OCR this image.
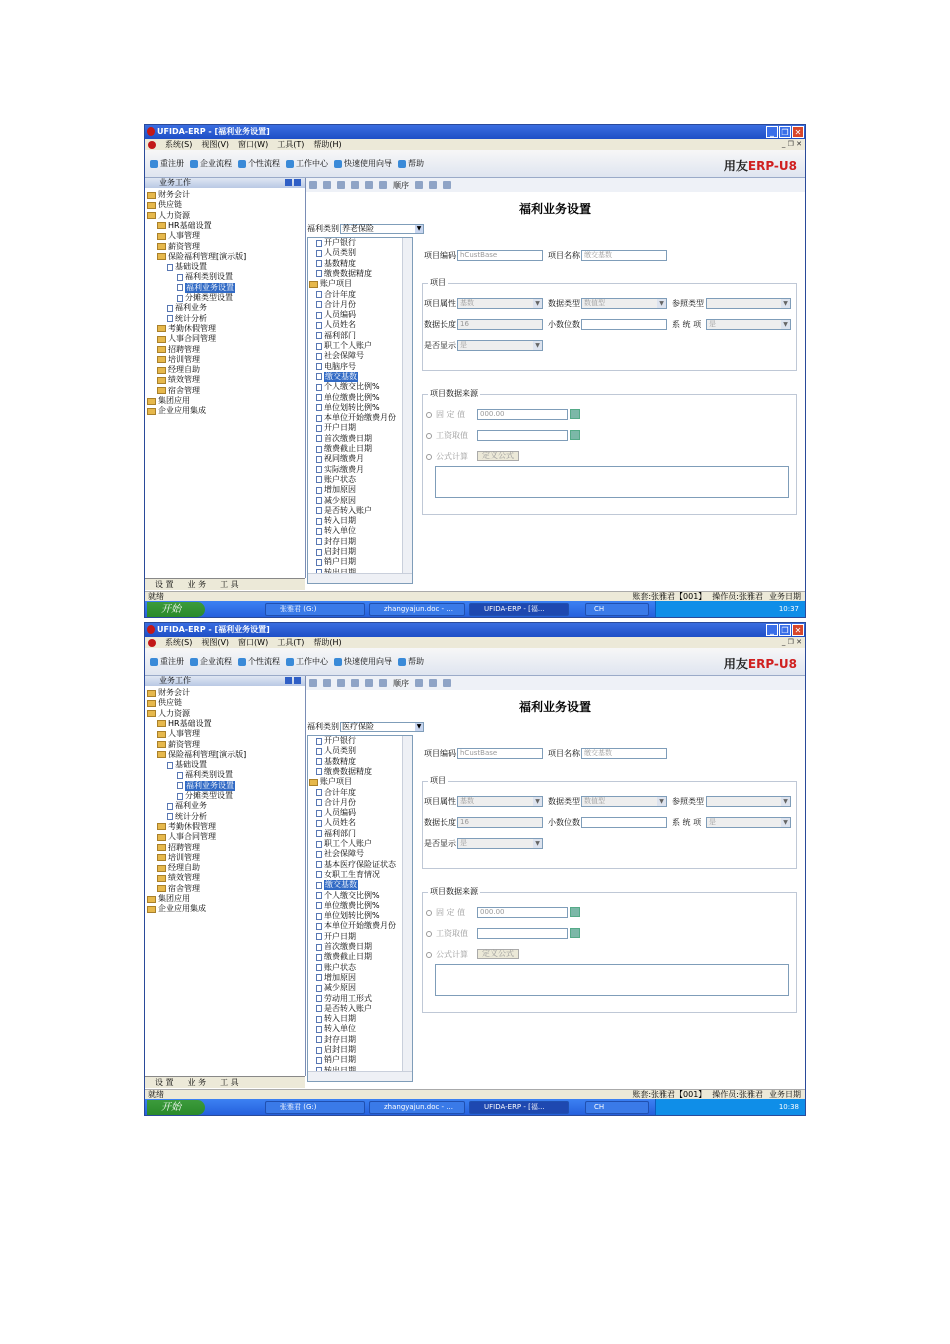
UFIDA-ERP - [福利业务设置]	_ ❐ ✕
系统(S) 视图(V) 窗口(W) 工具(T) 帮助(H)	_ ❐ ✕
重注册 企业流程 个性流程 工作中心 快速使用向导 帮助	用友ERP-U8
业务工作
财务会计
供应链
人力资源
HR基础设置
人事管理
薪资管理
保险福利管理[演示版]
基础设置
福利类别设置
福利业务设置
分摊类型设置
福利业务
统计分析
考勤休假管理
人事合同管理
招聘管理
培训管理
经理自助
绩效管理
宿舍管理
集团应用
企业应用集成
设 置 业 务 工 具
顺序
福利业务设置
福利类别 养老保险	▼
开户银行
人员类别
基数精度
缴费数据精度
账户项目
合计年度
合计月份
人员编码
人员姓名
福利部门
职工个人账户
社会保障号
电脑序号
缴交基数
个人缴交比例%
单位缴费比例%
单位划转比例%
本单位开始缴费月份
开户日期
首次缴费日期
缴费截止日期
视同缴费月
实际缴费月
账户状态
增加原因
减少原因
是否转入账户
转入日期
转入单位
封存日期
启封日期
销户日期
项目编码 hCustBase	项目名称 缴交基数
项目
项目属性 基数	▼ 数据类型 数值型	▼ 参照类型	▼
数据长度 16	小数位数	系 统 项	是	▼
是否显示 是	▼
项目数据来源
固 定 值	000.00
工资取值
公式计算	定义公式
就绪	账套:张雅君【001】 操作员:张雅君 业务日期
开始	张雅君 (G:)	zhangyajun.doc - ...	UFIDA-ERP - [福...	CH	10:37
UFIDA-ERP - [福利业务设置]	_ ❐ ✕
系统(S) 视图(V) 窗口(W) 工具(T) 帮助(H)	_ ❐ ✕
重注册 企业流程 个性流程 工作中心 快速使用向导 帮助	用友ERP-U8
业务工作
财务会计
供应链
人力资源
HR基础设置
人事管理
薪资管理
保险福利管理[演示版]
基础设置
福利类别设置
福利业务设置
分摊类型设置
福利业务
统计分析
考勤休假管理
人事合同管理
招聘管理
培训管理
经理自助
绩效管理
宿舍管理
集团应用
企业应用集成
设 置 业 务 工 具
顺序
福利业务设置
福利类别 医疗保险	▼
开户银行
人员类别
基数精度
缴费数据精度
账户项目
合计年度
合计月份
人员编码
人员姓名
福利部门
职工个人账户
社会保障号
基本医疗保险证状态
女职工生育情况
缴交基数
个人缴交比例%
单位缴费比例%
单位划转比例%
本单位开始缴费月份
开户日期
首次缴费日期
缴费截止日期
账户状态
增加原因
减少原因
劳动用工形式
是否转入账户
转入日期
转入单位
封存日期
启封日期
销户日期
项目编码 hCustBase	项目名称 缴交基数
项目
项目属性 基数	▼ 数据类型 数值型	▼ 参照类型	▼
数据长度 16	小数位数	系 统 项	是	▼
是否显示 是	▼
项目数据来源
固 定 值	000.00
工资取值
公式计算	定义公式
就绪	账套:张雅君【001】 操作员:张雅君 业务日期
开始	张雅君 (G:)	zhangyajun.doc - ...	UFIDA-ERP - [福...	CH	10:38
